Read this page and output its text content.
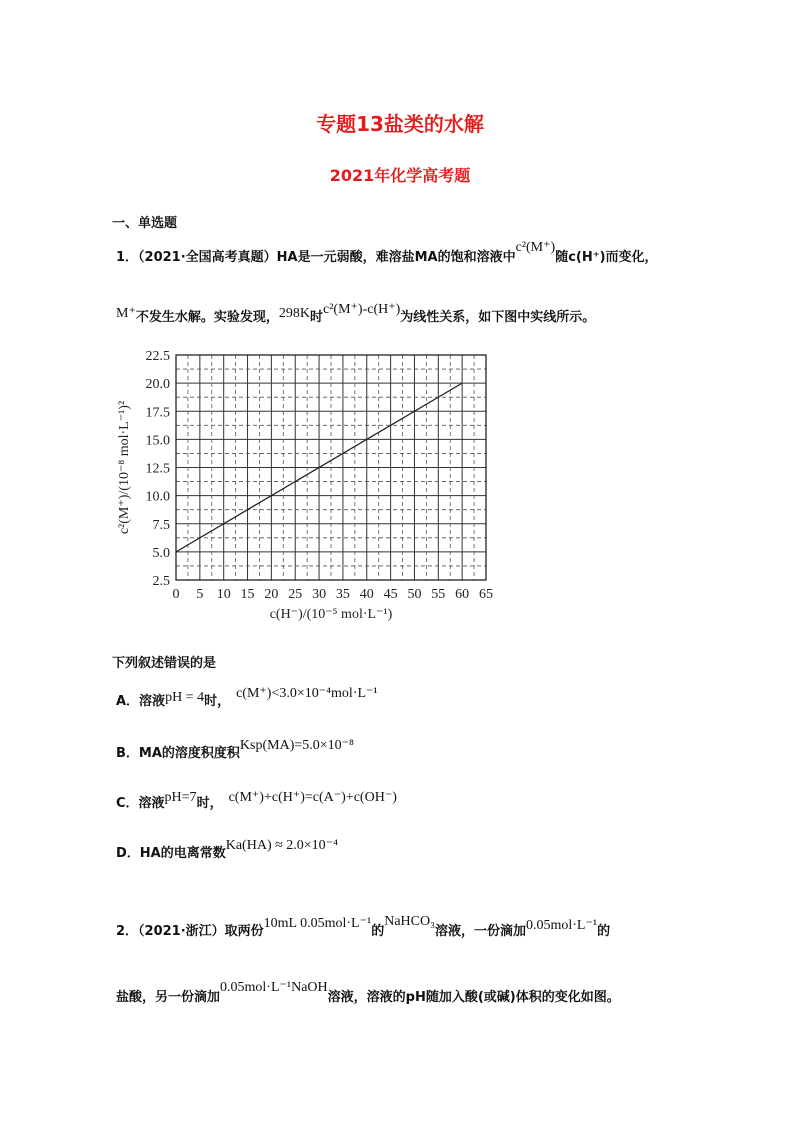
专题13盐类的水解
2021年化学高考题
一、单选题
1．（2021·全国高考真题）HA是一元弱酸，难溶盐MA的饱和溶液中c²(M⁺)随c(H⁺)而变化，
M⁺不发生水解。实验发现，298K时c²(M⁺)-c(H⁺)为线性关系，如下图中实线所示。
0 5 10 15 20 25 30 35 40 45 50 55 60 65
2.5
5.0
7.5
10.0
12.5
15.0
17.5
20.0
22.5
c(H⁻)/(10⁻⁵ mol·L⁻¹)
c²(M⁺)/(10⁻⁸ mol·L⁻¹)²
下列叙述错误的是
A．溶液pH = 4时，c(M⁺)<3.0×10⁻⁴mol·L⁻¹
B．MA的溶度积度积Ksp(MA)=5.0×10⁻⁸
C．溶液pH=7时， c(M⁺)+c(H⁺)=c(A⁻)+c(OH⁻)
D．HA的电离常数Ka(HA) ≈ 2.0×10⁻⁴
2．（2021·浙江）取两份10mL 0.05mol·L⁻¹的NaHCO₃溶液，一份滴加0.05mol·L⁻¹的
盐酸，另一份滴加0.05mol·L⁻¹NaOH溶液，溶液的pH随加入酸(或碱)体积的变化如图。
